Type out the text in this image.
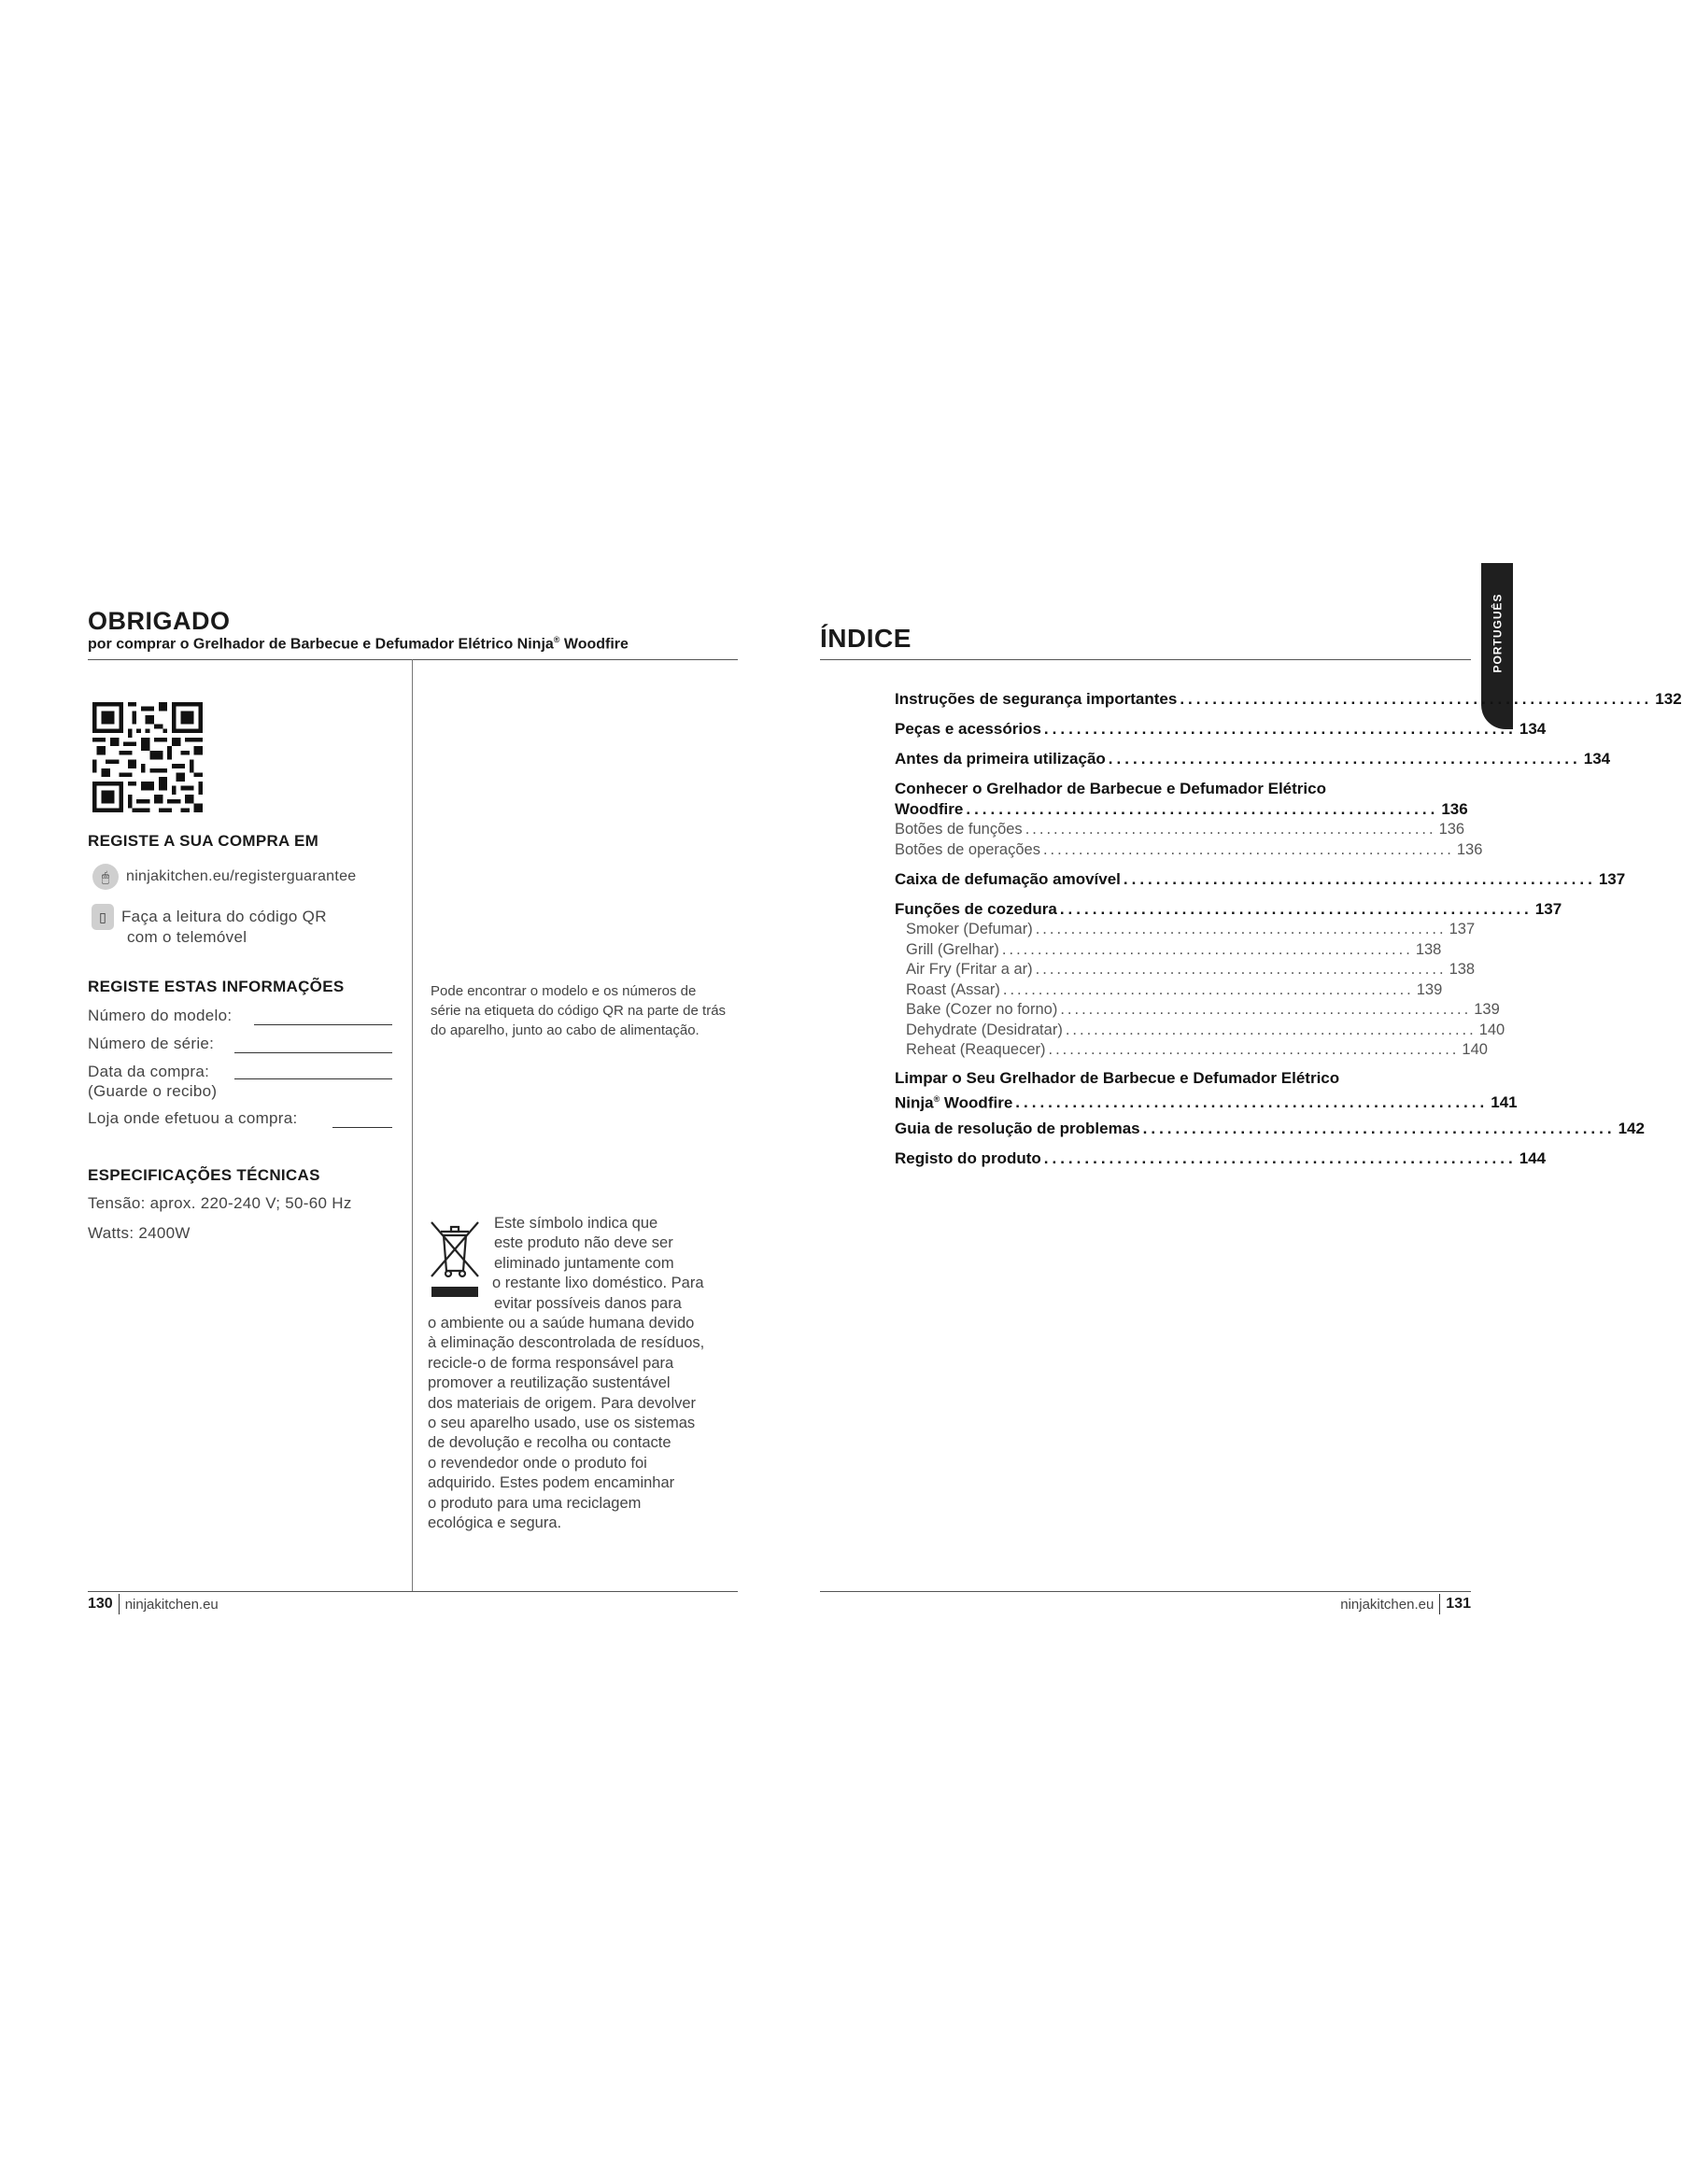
OBRIGADO
por comprar o Grelhador de Barbecue e Defumador Elétrico Ninja® Woodfire
REGISTE A SUA COMPRA EM
🖱	ninjakitchen.eu/registerguarantee
▯ Faça a leitura do código QR
com o telemóvel
REGISTE ESTAS INFORMAÇÕES
Número do modelo:
Número de série:
Data da compra:
(Guarde o recibo)
Loja onde efetuou a compra:
ESPECIFICAÇÕES TÉCNICAS
Tensão: aprox. 220-240 V; 50-60 Hz
Watts: 2400W
Pode encontrar o modelo e os números de série na etiqueta do código QR na parte de trás do aparelho, junto ao cabo de alimentação.
Este símbolo indica que
este produto não deve ser
eliminado juntamente com
o restante lixo doméstico. Para
evitar possíveis danos para
o ambiente ou a saúde humana devido
à eliminação descontrolada de resíduos,
recicle-o de forma responsável para
promover a reutilização sustentável
dos materiais de origem. Para devolver
o seu aparelho usado, use os sistemas
de devolução e recolha ou contacte
o revendedor onde o produto foi
adquirido. Estes podem encaminhar
o produto para uma reciclagem
ecológica e segura.
130 ninjakitchen.eu
ÍNDICE	PORTUGUÊS
Instruções de segurança importantes .......................................................... 132
Peças e acessórios .......................................................... 134
Antes da primeira utilização .......................................................... 134
Conhecer o Grelhador de Barbecue e Defumador Elétrico
Woodfire .......................................................... 136
Botões de funções .......................................................... 136
Botões de operações .......................................................... 136
Caixa de defumação amovível .......................................................... 137
Funções de cozedura .......................................................... 137
Smoker (Defumar) .......................................................... 137
Grill (Grelhar) .......................................................... 138
Air Fry (Fritar a ar) .......................................................... 138
Roast (Assar) .......................................................... 139
Bake (Cozer no forno) .......................................................... 139
Dehydrate (Desidratar) .......................................................... 140
Reheat (Reaquecer) .......................................................... 140
Limpar o Seu Grelhador de Barbecue e Defumador Elétrico
Ninja® Woodfire .......................................................... 141
Guia de resolução de problemas .......................................................... 142
Registo do produto .......................................................... 144
ninjakitchen.eu 131
